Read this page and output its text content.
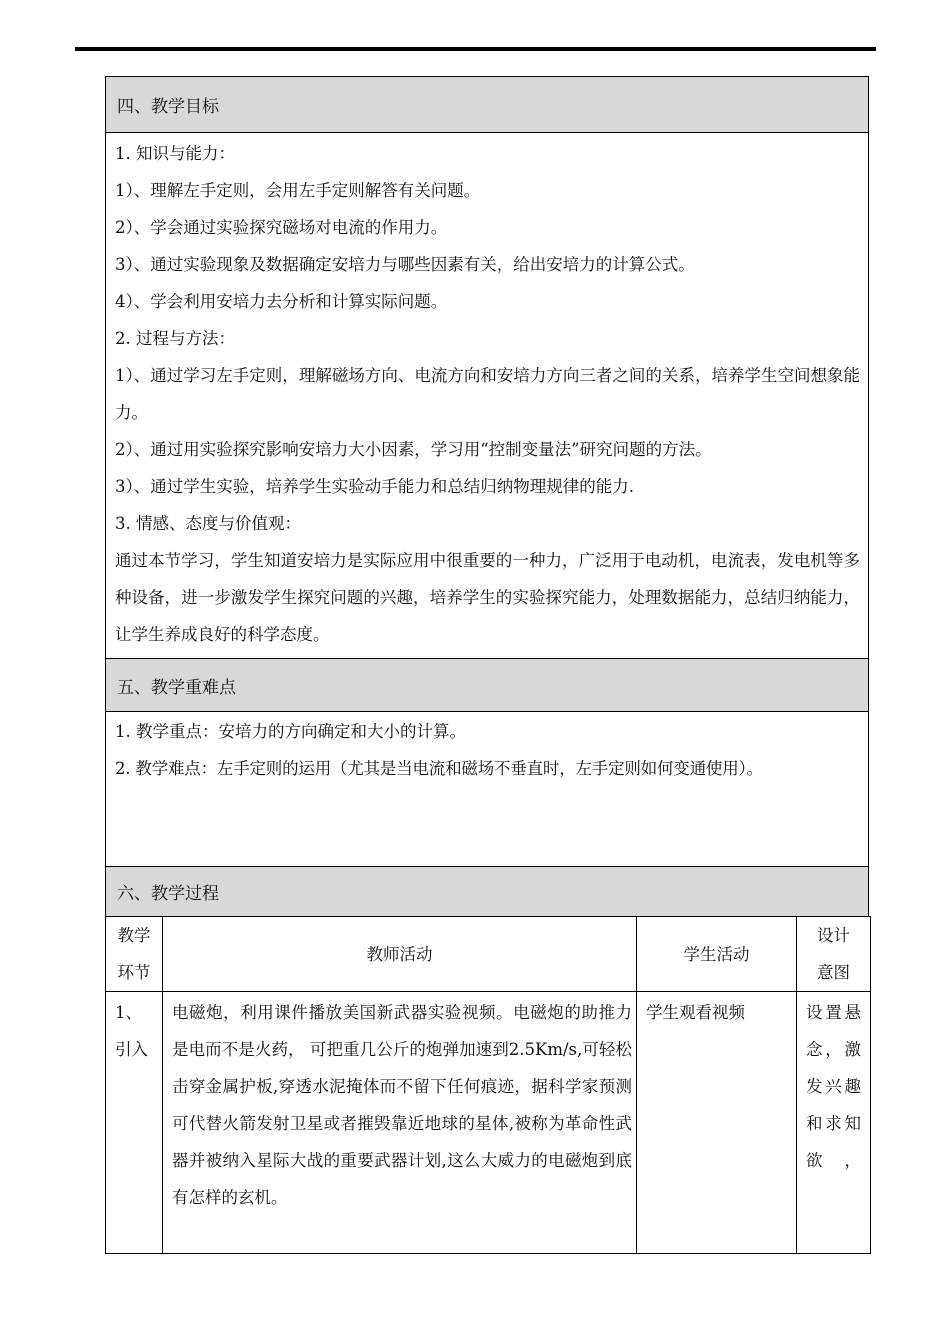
四、教学目标

1. 知识与能力：

1）、理解左手定则，会用左手定则解答有关问题。

2）、学会通过实验探究磁场对电流的作用力。

3）、通过实验现象及数据确定安培力与哪些因素有关，给出安培力的计算公式。

4）、学会利用安培力去分析和计算实际问题。

2. 过程与方法：

1）、通过学习左手定则，理解磁场方向、电流方向和安培力方向三者之间的关系，培养学生空间想象能力。

2）、通过用实验探究影响安培力大小因素，学习用“控制变量法”研究问题的方法。

3）、通过学生实验，培养学生实验动手能力和总结归纳物理规律的能力.

3. 情感、态度与价值观：

通过本节学习，学生知道安培力是实际应用中很重要的一种力，广泛用于电动机，电流表，发电机等多种设备，进一步激发学生探究问题的兴趣，培养学生的实验探究能力，处理数据能力，总结归纳能力，让学生养成良好的科学态度。

五、教学重难点

1. 教学重点：安培力的方向确定和大小的计算。

2. 教学难点：左手定则的运用（尤其是当电流和磁场不垂直时，左手定则如何变通使用）。

六、教学过程
教学环节	教师活动	学生活动	设计意图

1、引入	电磁炮，利用课件播放美国新武器实验视频。电磁炮的助推力是电而不是火药， 可把重几公斤的炮弹加速到2.5Km/s,可轻松击穿金属护板,穿透水泥掩体而不留下任何痕迹，据科学家预测可代替火箭发射卫星或者摧毁靠近地球的星体,被称为革命性武器并被纳入星际大战的重要武器计划,这么大威力的电磁炮到底有怎样的玄机。	学生观看视频	设置悬念，激发兴趣和求知欲，
